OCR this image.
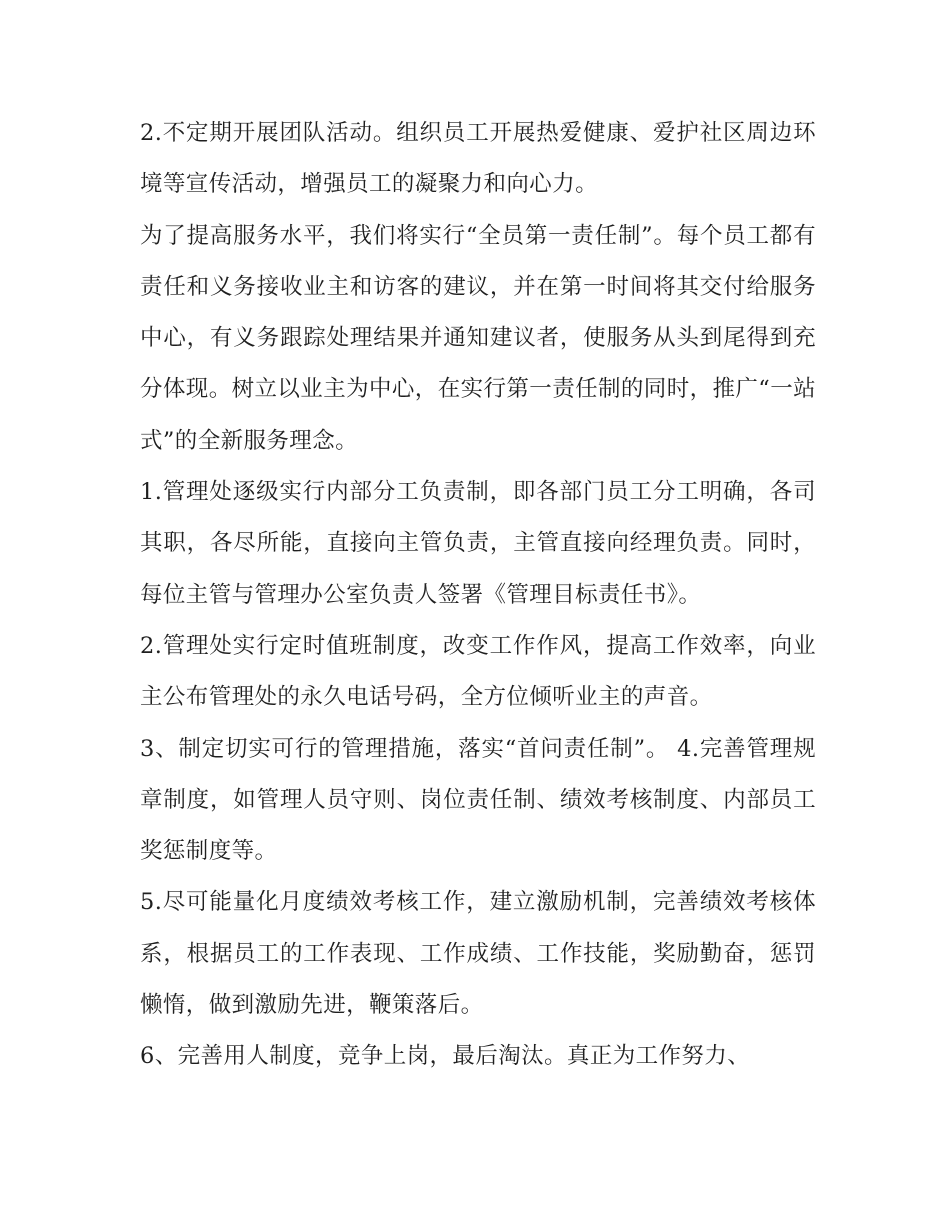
2.不定期开展团队活动。组织员工开展热爱健康、爱护社区周边环境等宣传活动，增强员工的凝聚力和向心力。

为了提高服务水平，我们将实行“全员第一责任制”。每个员工都有责任和义务接收业主和访客的建议，并在第一时间将其交付给服务中心，有义务跟踪处理结果并通知建议者，使服务从头到尾得到充分体现。树立以业主为中心，在实行第一责任制的同时，推广“一站式”的全新服务理念。

1.管理处逐级实行内部分工负责制，即各部门员工分工明确，各司其职，各尽所能，直接向主管负责，主管直接向经理负责。同时，每位主管与管理办公室负责人签署《管理目标责任书》。

2.管理处实行定时值班制度，改变工作作风，提高工作效率，向业主公布管理处的永久电话号码，全方位倾听业主的声音。

3、制定切实可行的管理措施，落实“首问责任制”。 4.完善管理规章制度，如管理人员守则、岗位责任制、绩效考核制度、内部员工奖惩制度等。

5.尽可能量化月度绩效考核工作，建立激励机制，完善绩效考核体系，根据员工的工作表现、工作成绩、工作技能，奖励勤奋，惩罚懒惰，做到激励先进，鞭策落后。

6、完善用人制度，竞争上岗，最后淘汰。真正为工作努力、
